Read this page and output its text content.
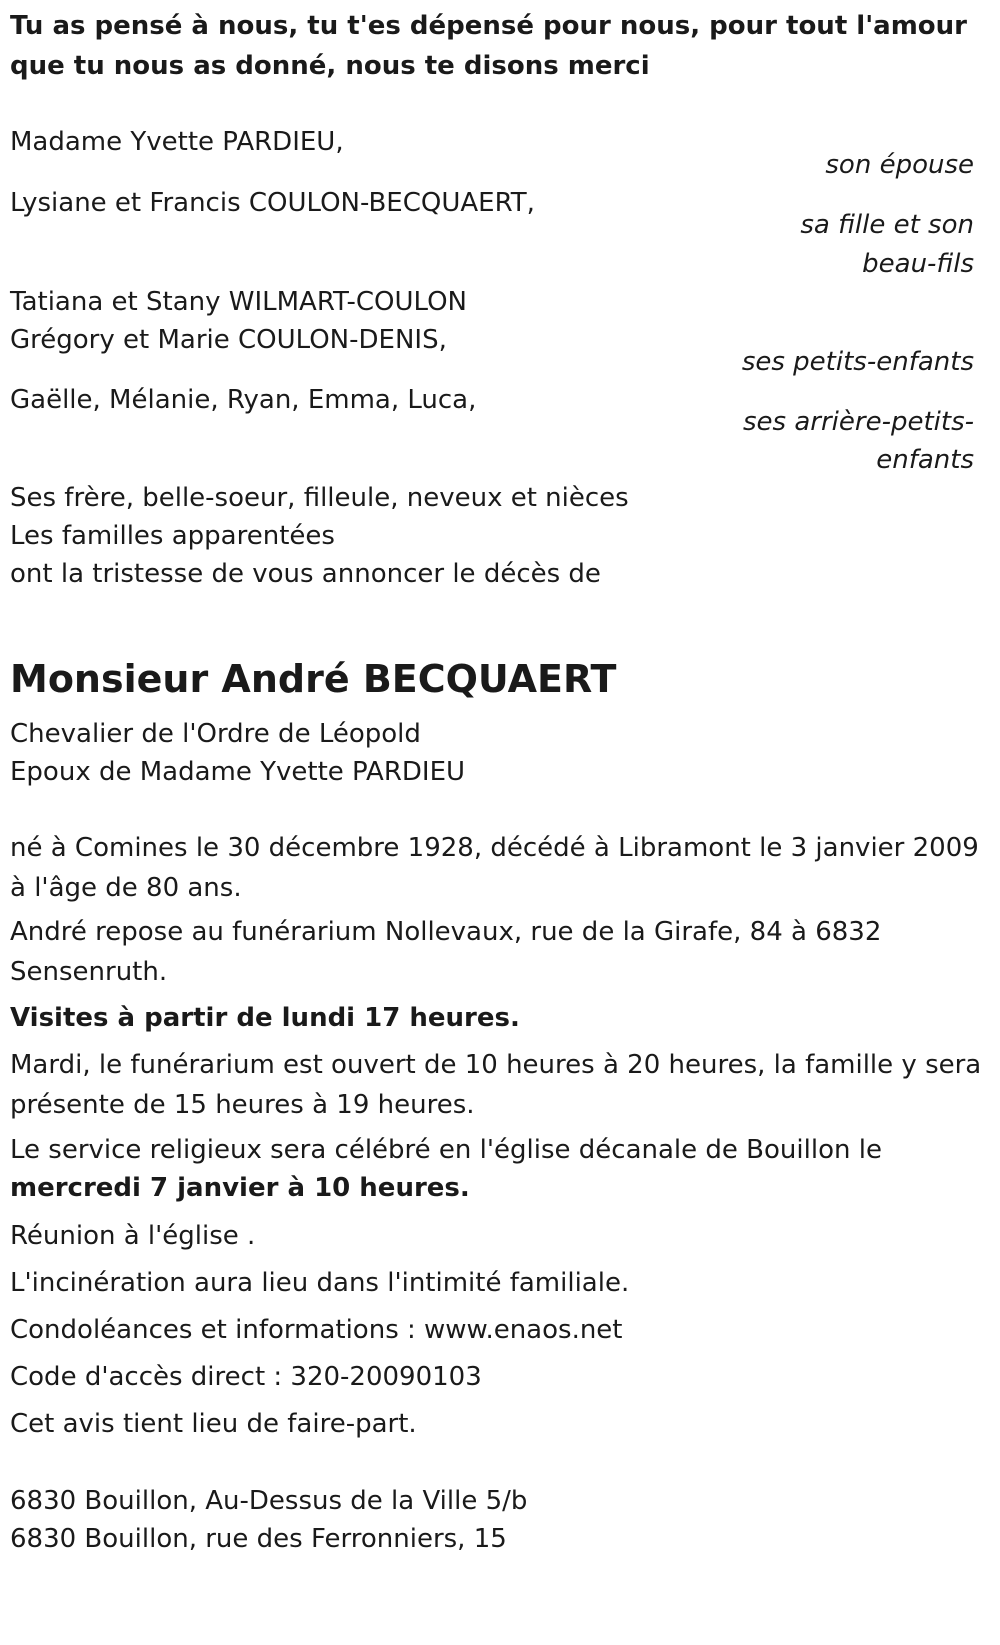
Tu as pensé à nous, tu t'es dépensé pour nous, pour tout l'amour que tu nous as donné, nous te disons merci
Madame Yvette PARDIEU,
son épouse
Lysiane et Francis COULON-BECQUAERT,
sa fille et son
beau-fils
Tatiana et Stany WILMART-COULON
Grégory et Marie COULON-DENIS,
ses petits-enfants
Gaëlle, Mélanie, Ryan, Emma, Luca,
ses arrière-petits-
enfants
Ses frère, belle-soeur, filleule, neveux et nièces
Les familles apparentées
ont la tristesse de vous annoncer le décès de
Monsieur André BECQUAERT
Chevalier de l'Ordre de Léopold
Epoux de Madame Yvette PARDIEU
né à Comines le 30 décembre 1928, décédé à Libramont le 3 janvier 2009 à l'âge de 80 ans.
André repose au funérarium Nollevaux, rue de la Girafe, 84 à 6832 Sensenruth.
Visites à partir de lundi 17 heures.
Mardi, le funérarium est ouvert de 10 heures à 20 heures, la famille y sera présente de 15 heures à 19 heures.
Le service religieux sera célébré en l'église décanale de Bouillon le
mercredi 7 janvier à 10 heures.
Réunion à l'église .
L'incinération aura lieu dans l'intimité familiale.
Condoléances et informations : www.enaos.net
Code d'accès direct : 320-20090103
Cet avis tient lieu de faire-part.
6830 Bouillon, Au-Dessus de la Ville 5/b
6830 Bouillon, rue des Ferronniers, 15
